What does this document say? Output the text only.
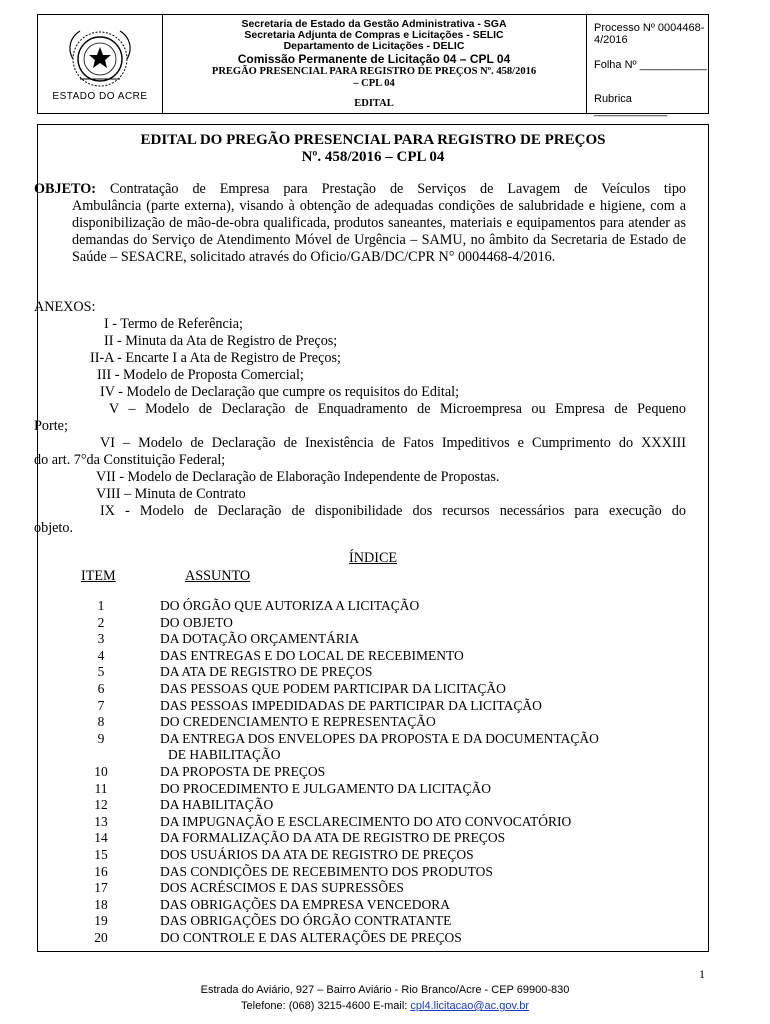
ESTADO DO ACRE
Secretaria de Estado da Gestão Administrativa - SGA
Secretaria Adjunta de Compras e Licitações - SELIC
Departamento de Licitações - DELIC
Comissão Permanente de Licitação 04 – CPL 04
PREGÃO PRESENCIAL PARA REGISTRO DE PREÇOS Nº. 458/2016
– CPL 04
EDITAL
Processo Nº 0004468-4/2016
Folha Nº ___________
Rubrica ____________
EDITAL DO PREGÃO PRESENCIAL PARA REGISTRO DE PREÇOS
Nº. 458/2016 – CPL 04
OBJETO: Contratação de Empresa para Prestação de Serviços de Lavagem de Veículos tipo
Ambulância (parte externa), visando à obtenção de adequadas condições de salubridade e higiene, com a disponibilização de mão-de-obra qualificada, produtos saneantes, materiais e equipamentos para atender as demandas do Serviço de Atendimento Móvel de Urgência – SAMU, no âmbito da Secretaria de Estado de Saúde – SESACRE, solicitado através do Oficio/GAB/DC/CPR N° 0004468-4/2016.
ANEXOS:
I - Termo de Referência;
II - Minuta da Ata de Registro de Preços;
II-A - Encarte I a Ata de Registro de Preços;
III - Modelo de Proposta Comercial;
IV - Modelo de Declaração que cumpre os requisitos do Edital;
V – Modelo de Declaração de Enquadramento de Microempresa ou Empresa de Pequeno
Porte;
VI – Modelo de Declaração de Inexistência de Fatos Impeditivos e Cumprimento do XXXIII
do art. 7°da Constituição Federal;
VII - Modelo de Declaração de Elaboração Independente de Propostas.
VIII – Minuta de Contrato
IX - Modelo de Declaração de disponibilidade dos recursos necessários para execução do
objeto.
ÍNDICE
ITEM	ASSUNTO
1	DO ÓRGÃO QUE AUTORIZA A LICITAÇÃO
2	DO OBJETO
3	DA DOTAÇÃO ORÇAMENTÁRIA
4	DAS ENTREGAS E DO LOCAL DE RECEBIMENTO
5	DA ATA DE REGISTRO DE PREÇOS
6	DAS PESSOAS QUE PODEM PARTICIPAR DA LICITAÇÃO
7	DAS PESSOAS IMPEDIDADAS DE PARTICIPAR DA LICITAÇÃO
8	DO CREDENCIAMENTO E REPRESENTAÇÃO
9	DA ENTREGA DOS ENVELOPES DA PROPOSTA E DA DOCUMENTAÇÃO
DE HABILITAÇÃO
10	DA PROPOSTA DE PREÇOS
11	DO PROCEDIMENTO E JULGAMENTO DA LICITAÇÃO
12	DA HABILITAÇÃO
13	DA IMPUGNAÇÃO E ESCLARECIMENTO DO ATO CONVOCATÓRIO
14	DA FORMALIZAÇÃO DA ATA DE REGISTRO DE PREÇOS
15	DOS USUÁRIOS DA ATA DE REGISTRO DE PREÇOS
16	DAS CONDIÇÕES DE RECEBIMENTO DOS PRODUTOS
17	DOS ACRÉSCIMOS E DAS SUPRESSÕES
18	DAS OBRIGAÇÕES DA EMPRESA VENCEDORA
19	DAS OBRIGAÇÕES DO ÓRGÃO CONTRATANTE
20	DO CONTROLE E DAS ALTERAÇÕES DE PREÇOS
1
Estrada do Aviário, 927 – Bairro Aviário - Rio Branco/Acre - CEP 69900-830
Telefone: (068) 3215-4600 E-mail: cpl4.licitacao@ac.gov.br
